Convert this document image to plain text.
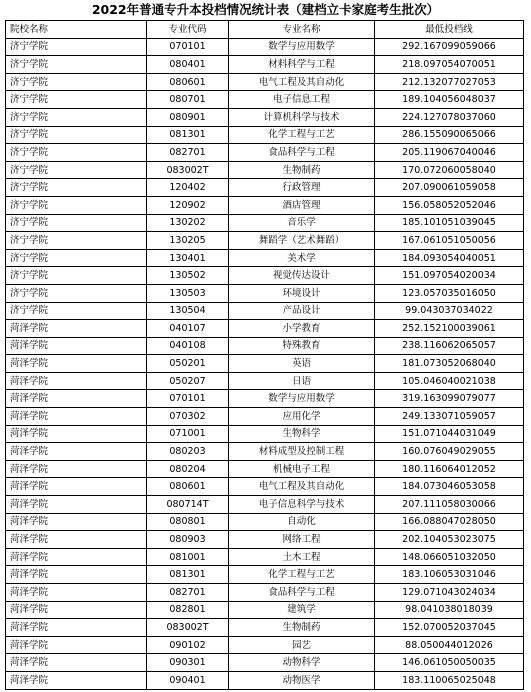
2022年普通专升本投档情况统计表（建档立卡家庭考生批次）
院校名称	专业代码	专业名称	最低投档线
济宁学院	070101	数学与应用数学	292.167099059066
济宁学院	080401	材料科学与工程	218.097054070051
济宁学院	080601	电气工程及其自动化	212.132077027053
济宁学院	080701	电子信息工程	189.104056048037
济宁学院	080901	计算机科学与技术	224.127078037060
济宁学院	081301	化学工程与工艺	286.155090065066
济宁学院	082701	食品科学与工程	205.119067040046
济宁学院	083002T	生物制药	170.072060058040
济宁学院	120402	行政管理	207.090061059058
济宁学院	120902	酒店管理	156.058052052046
济宁学院	130202	音乐学	185.101051039045
济宁学院	130205	舞蹈学（艺术舞蹈）	167.061051050056
济宁学院	130401	美术学	184.093054040051
济宁学院	130502	视觉传达设计	151.097054020034
济宁学院	130503	环境设计	123.057035016050
济宁学院	130504	产品设计	99.043037034022
菏泽学院	040107	小学教育	252.152100039061
菏泽学院	040108	特殊教育	238.116062065057
菏泽学院	050201	英语	181.073052068040
菏泽学院	050207	日语	105.046040021038
菏泽学院	070101	数学与应用数学	319.163099079077
菏泽学院	070302	应用化学	249.133071059057
菏泽学院	071001	生物科学	151.071044031049
菏泽学院	080203	材料成型及控制工程	160.076049029055
菏泽学院	080204	机械电子工程	180.116064012052
菏泽学院	080601	电气工程及其自动化	184.073046053058
菏泽学院	080714T	电子信息科学与技术	207.111058030066
菏泽学院	080801	自动化	166.088047028050
菏泽学院	080903	网络工程	202.104053023075
菏泽学院	081001	土木工程	148.066051032050
菏泽学院	081301	化学工程与工艺	183.106053031046
菏泽学院	082701	食品科学与工程	129.071043024034
菏泽学院	082801	建筑学	98.041038018039
菏泽学院	083002T	生物制药	152.070052037045
菏泽学院	090102	园艺	88.050044012026
菏泽学院	090301	动物科学	146.061050050035
菏泽学院	090401	动物医学	183.110065025048
